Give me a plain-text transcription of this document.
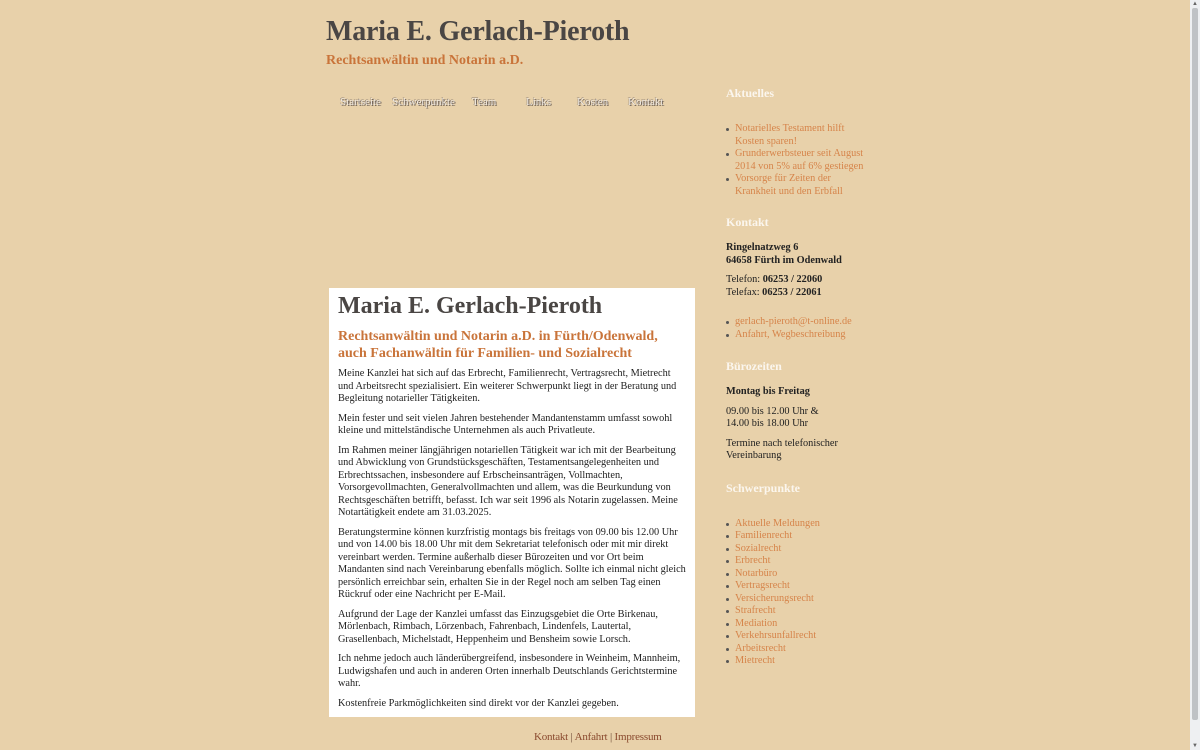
Maria E. Gerlach-Pieroth
Rechtsanwältin und Notarin a.D.
Startseite Schwerpunkte Team	Links Kosten Kontakt
Maria E. Gerlach-Pieroth
Rechtsanwältin und Notarin a.D. in Fürth/Odenwald,
auch Fachanwältin für Familien- und Sozialrecht

Meine Kanzlei hat sich auf das Erbrecht, Familienrecht, Vertragsrecht, Mietrecht und Arbeitsrecht spezialisiert. Ein weiterer Schwerpunkt liegt in der Beratung und Begleitung notarieller Tätigkeiten.

Mein fester und seit vielen Jahren bestehender Mandantenstamm umfasst sowohl kleine und mittelständische Unternehmen als auch Privatleute.

Im Rahmen meiner längjährigen notariellen Tätigkeit war ich mit der Bearbeitung und Abwicklung von Grundstücksgeschäften, Testamentsangelegenheiten und Erbrechtssachen, insbesondere auf Erbscheinsanträgen, Vollmachten, Vorsorgevollmachten, Generalvollmachten und allem, was die Beurkundung von Rechtsgeschäften betrifft, befasst. Ich war seit 1996 als Notarin zugelassen. Meine Notartätigkeit endete am 31.03.2025.

Beratungstermine können kurzfristig montags bis freitags von 09.00 bis 12.00 Uhr und von 14.00 bis 18.00 Uhr mit dem Sekretariat telefonisch oder mit mir direkt vereinbart werden. Termine außerhalb dieser Bürozeiten und vor Ort beim Mandanten sind nach Vereinbarung ebenfalls möglich. Sollte ich einmal nicht gleich persönlich erreichbar sein, erhalten Sie in der Regel noch am selben Tag einen Rückruf oder eine Nachricht per E-Mail.

Aufgrund der Lage der Kanzlei umfasst das Einzugsgebiet die Orte Birkenau, Mörlenbach, Rimbach, Lörzenbach, Fahrenbach, Lindenfels, Lautertal, Grasellenbach, Michelstadt, Heppenheim und Bensheim sowie Lorsch.

Ich nehme jedoch auch länderübergreifend, insbesondere in Weinheim, Mannheim, Ludwigshafen und auch in anderen Orten innerhalb Deutschlands Gerichtstermine wahr.

Kostenfreie Parkmöglichkeiten sind direkt vor der Kanzlei gegeben.

Aktuelles
Notarielles Testament hilft Kosten sparen!
Grunderwerbsteuer seit August 2014 von 5% auf 6% gestiegen
Vorsorge für Zeiten der Krankheit und den Erbfall
Kontakt

Ringelnatzweg 6
64658 Fürth im Odenwald

Telefon: 06253 / 22060
Telefax: 06253 / 22061

gerlach-pieroth@t-online.de
Anfahrt, Wegbeschreibung
Bürozeiten

Montag bis Freitag

09.00 bis 12.00 Uhr &
14.00 bis 18.00 Uhr

Termine nach telefonischer Vereinbarung

Schwerpunkte
Aktuelle Meldungen
Familienrecht
Sozialrecht
Erbrecht
Notarbüro
Vertragsrecht
Versicherungsrecht
Strafrecht
Mediation
Verkehrsunfallrecht
Arbeitsrecht
Mietrecht
Kontakt | Anfahrt | Impressum
▲
▼
